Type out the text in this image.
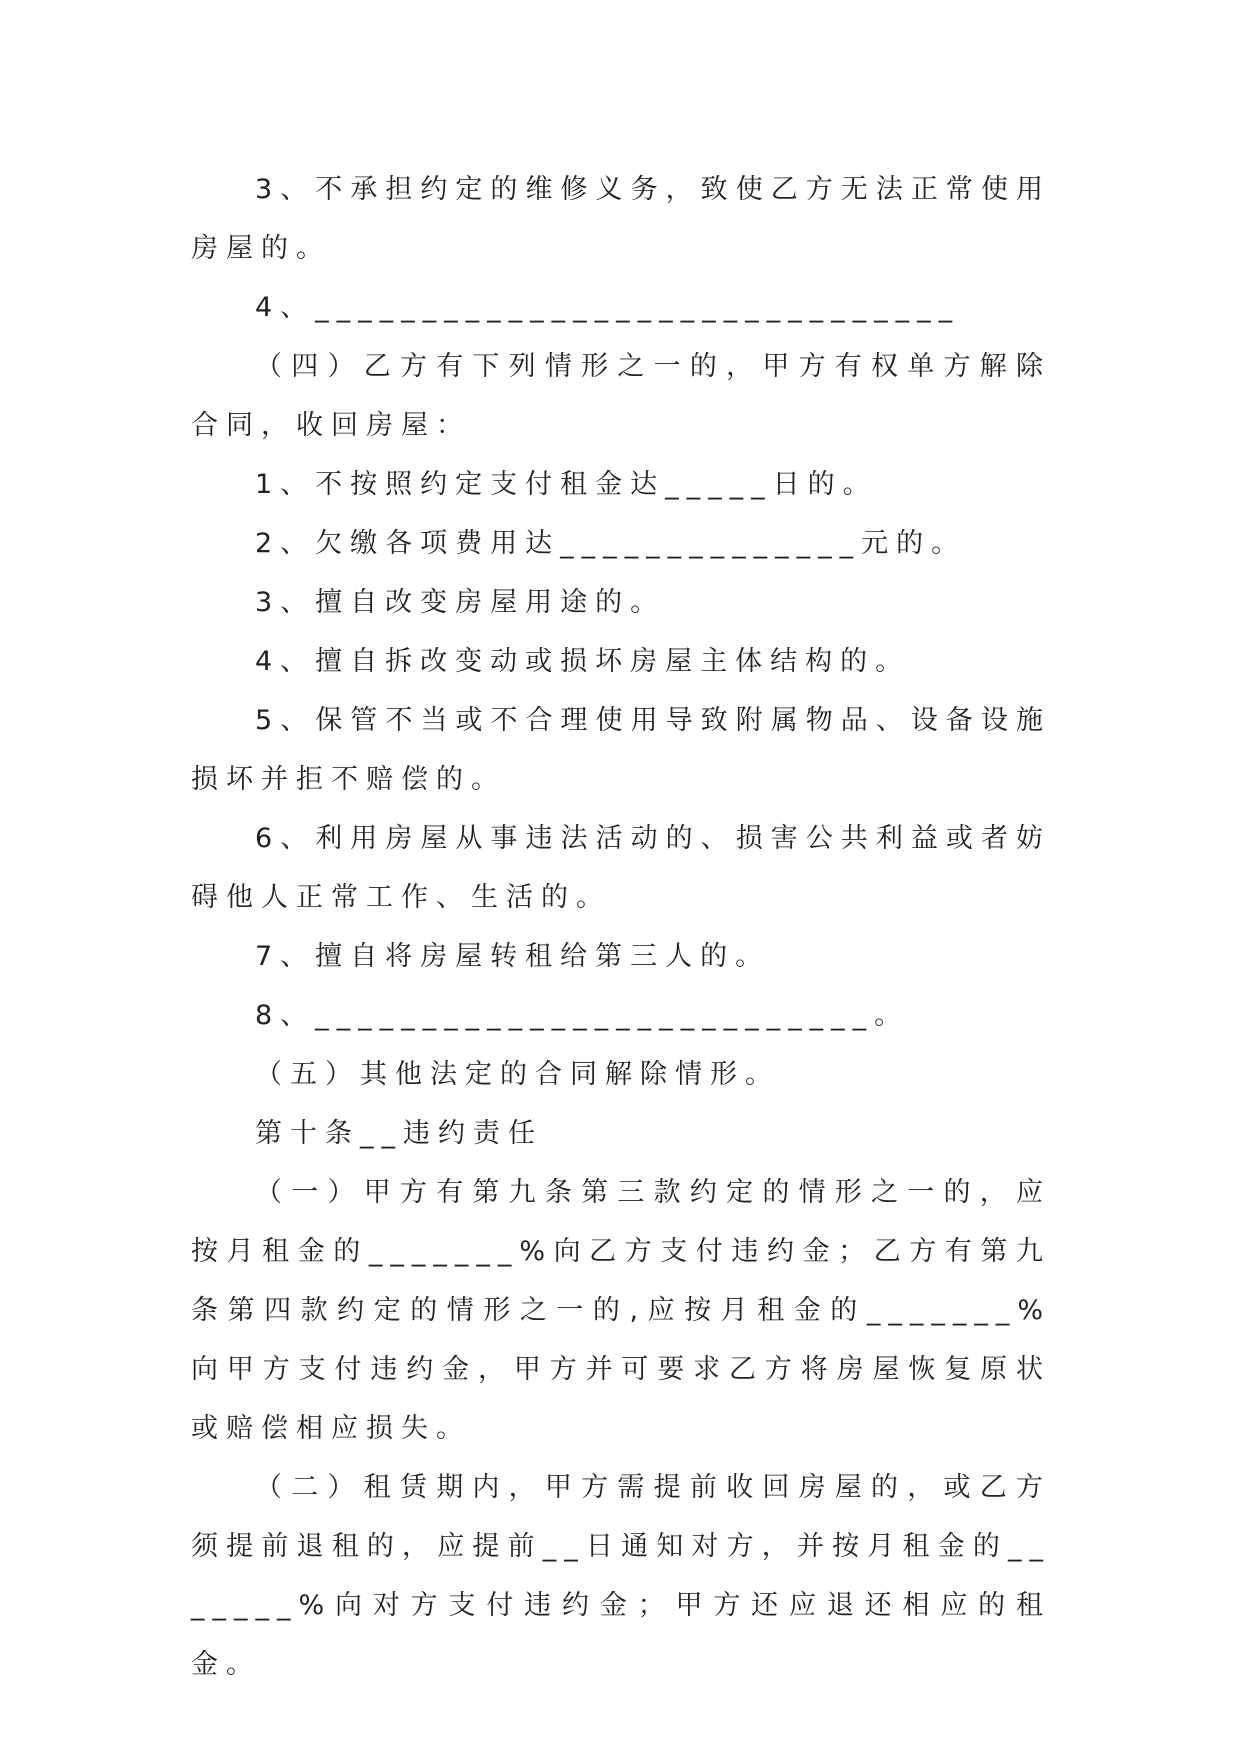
3、不承担约定的维修义务，致使乙方无法正常使用房屋的。

4、______________________________

（四）乙方有下列情形之一的，甲方有权单方解除合同，收回房屋：

1、不按照约定支付租金达_____日的。

2、欠缴各项费用达______________元的。

3、擅自改变房屋用途的。

4、擅自拆改变动或损坏房屋主体结构的。

5、保管不当或不合理使用导致附属物品、设备设施损坏并拒不赔偿的。

6、利用房屋从事违法活动的、损害公共利益或者妨碍他人正常工作、生活的。

7、擅自将房屋转租给第三人的。

8、__________________________。

（五）其他法定的合同解除情形。

第十条__违约责任

（一）甲方有第九条第三款约定的情形之一的，应按月租金的_______%向乙方支付违约金；乙方有第九条第四款约定的情形之一的,应按月租金的_______%向甲方支付违约金，甲方并可要求乙方将房屋恢复原状或赔偿相应损失。

（二）租赁期内，甲方需提前收回房屋的，或乙方须提前退租的，应提前__日通知对方，并按月租金的_______%向对方支付违约金；甲方还应退还相应的租金。
